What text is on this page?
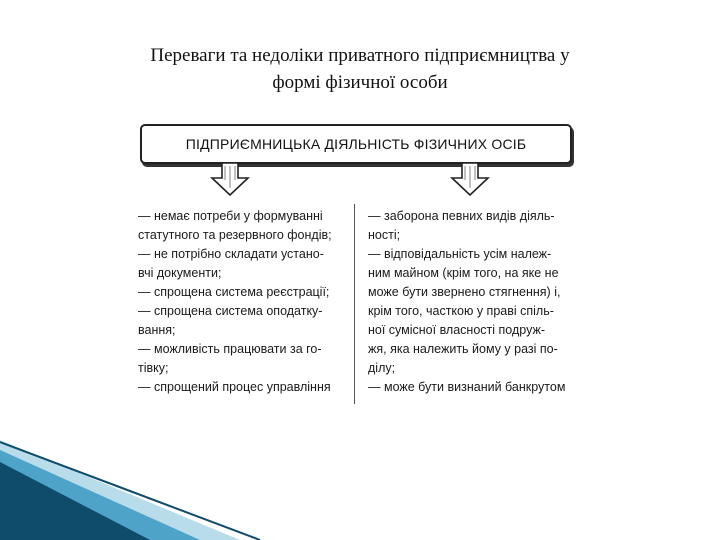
Переваги та недоліки приватного підприємництва у
формі фізичної особи
ПІДПРИЄМНИЦЬКА ДІЯЛЬНІСТЬ ФІЗИЧНИХ ОСІБ
— немає потреби у формуванні
статутного та резервного фондів;
— не потрібно складати устано-
вчі документи;
— спрощена система реєстрації;
— спрощена система оподатку-
вання;
— можливість працювати за го-
тівку;
— спрощений процес управління
— заборона певних видів діяль-
ності;
— відповідальність усім належ-
ним майном (крім того, на яке не
може бути звернено стягнення) і,
крім того, часткою у праві спіль-
ної сумісної власності подруж-
жя, яка належить йому у разі по-
ділу;
— може бути визнаний банкрутом
